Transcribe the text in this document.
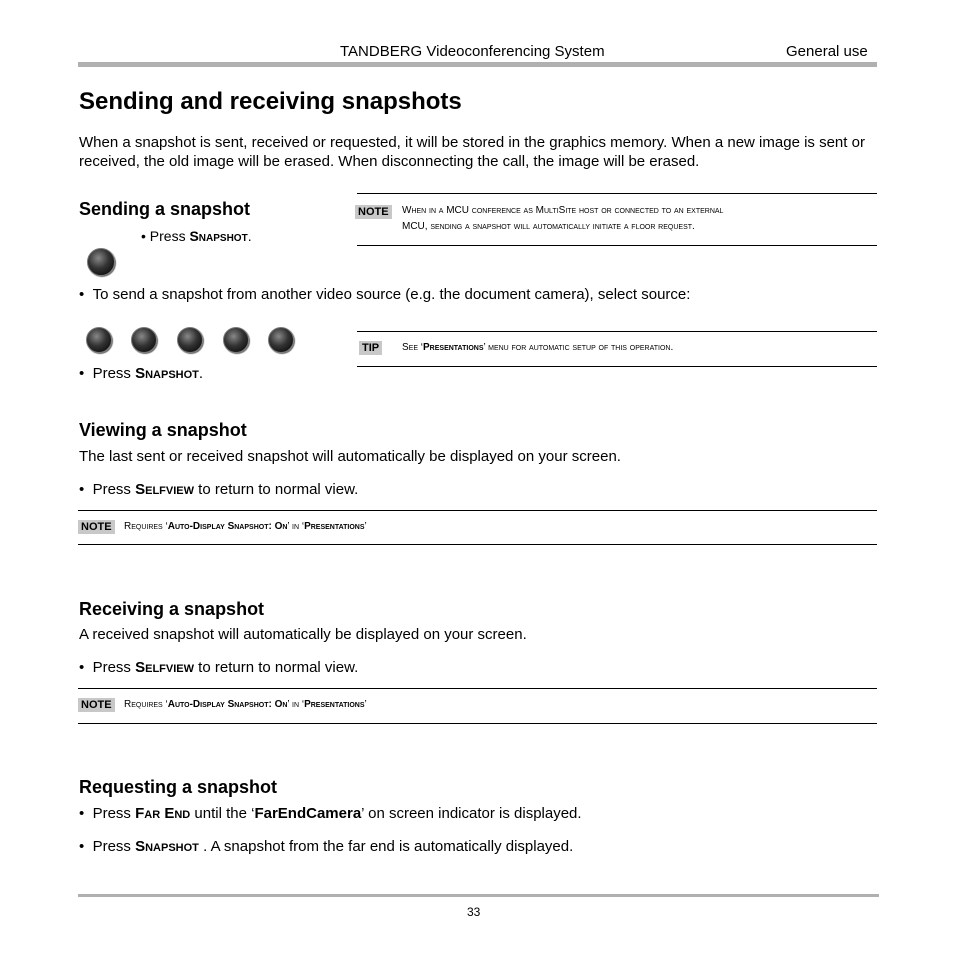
TANDBERG Videoconferencing System	General use
Sending and receiving snapshots
When a snapshot is sent, received or requested, it will be stored in the graphics memory. When a new image is sent or received, the old image will be erased. When disconnecting the call, the image will be erased.
Sending a snapshot
• Press Snapshot.
NOTE	When in a MCU conference as MultiSite host or connected to an external
MCU, sending a snapshot will automatically initiate a floor request.
•  To send a snapshot from another video source (e.g. the document camera), select source:
TIP	See ‘Presentations’ menu for automatic setup of this operation.
•  Press Snapshot.
Viewing a snapshot
The last sent or received snapshot will automatically be displayed on your screen.
•  Press Selfview to return to normal view.
NOTE	Requires ‘Auto-Display Snapshot: On’ in ‘Presentations’
Receiving a snapshot
A received snapshot will automatically be displayed on your screen.
•  Press Selfview to return to normal view.
NOTE	Requires ‘Auto-Display Snapshot: On’ in ‘Presentations’
Requesting a snapshot
•  Press Far End until the ‘FarEndCamera’ on screen indicator is displayed.
•  Press Snapshot . A snapshot from the far end is automatically displayed.
33
